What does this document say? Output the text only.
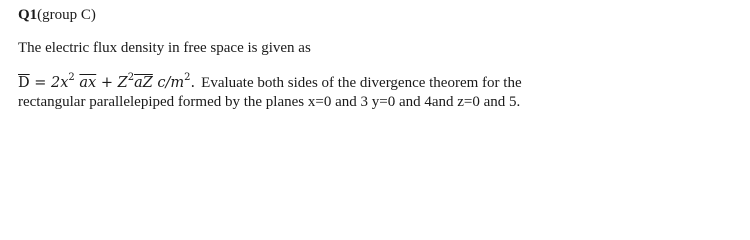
Q1(group C)
The electric flux density in free space is given as
$\overline{D} = 2x^2$ $\overline{ax} + Z^2\overline{aZ}$ $c/m^2$. Evaluate both sides of the divergence theorem for the
rectangular parallelepiped formed by the planes x=0 and 3 y=0 and 4and z=0 and 5.
